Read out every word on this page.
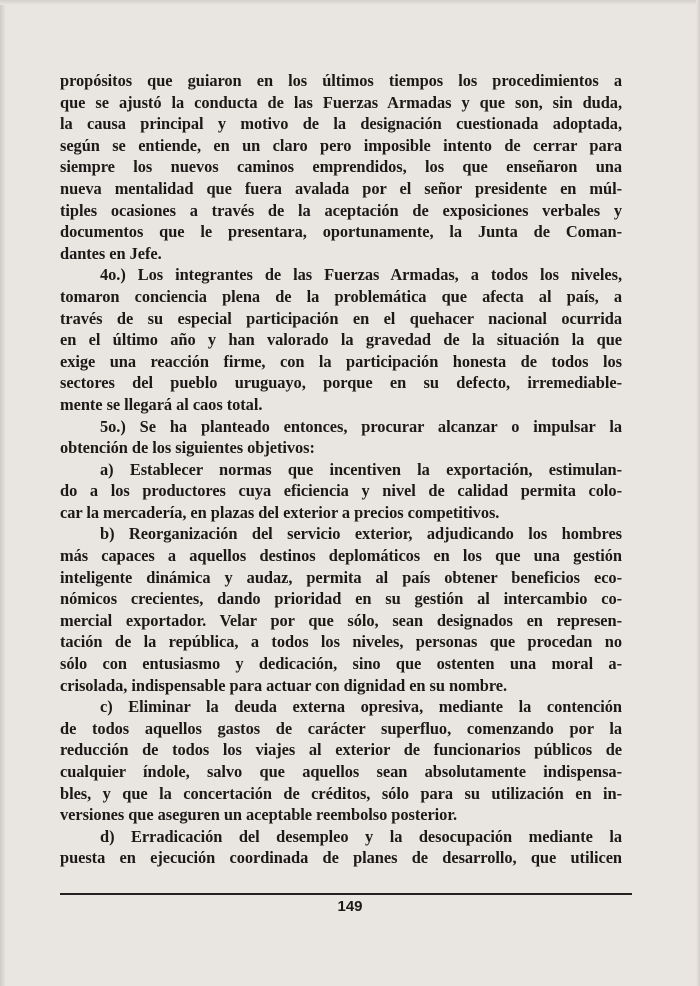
propósitos que guiaron en los últimos tiempos los procedimientos a
que se ajustó la conducta de las Fuerzas Armadas y que son, sin duda,
la causa principal y motivo de la designación cuestionada adoptada,
según se entiende, en un claro pero imposible intento de cerrar para
siempre los nuevos caminos emprendidos, los que enseñaron una
nueva mentalidad que fuera avalada por el señor presidente en múl-
tiples ocasiones a través de la aceptación de exposiciones verbales y
documentos que le presentara, oportunamente, la Junta de Coman-
dantes en Jefe.

4o.) Los integrantes de las Fuerzas Armadas, a todos los niveles,
tomaron conciencia plena de la problemática que afecta al país, a
través de su especial participación en el quehacer nacional ocurrida
en el último año y han valorado la gravedad de la situación la que
exige una reacción firme, con la participación honesta de todos los
sectores del pueblo uruguayo, porque en su defecto, irremediable-
mente se llegará al caos total.

5o.) Se ha planteado entonces, procurar alcanzar o impulsar la
obtención de los siguientes objetivos:

a) Establecer normas que incentiven la exportación, estimulan-
do a los productores cuya eficiencia y nivel de calidad permita colo-
car la mercadería, en plazas del exterior a precios competitivos.

b) Reorganización del servicio exterior, adjudicando los hombres
más capaces a aquellos destinos deplomáticos en los que una gestión
inteligente dinámica y audaz, permita al país obtener beneficios eco-
nómicos crecientes, dando prioridad en su gestión al intercambio co-
mercial exportador. Velar por que sólo, sean designados en represen-
tación de la república, a todos los niveles, personas que procedan no
sólo con entusiasmo y dedicación, sino que ostenten una moral a-
crisolada, indispensable para actuar con dignidad en su nombre.

c) Eliminar la deuda externa opresiva, mediante la contención
de todos aquellos gastos de carácter superfluo, comenzando por la
reducción de todos los viajes al exterior de funcionarios públicos de
cualquier índole, salvo que aquellos sean absolutamente indispensa-
bles, y que la concertación de créditos, sólo para su utilización en in-
versiones que aseguren un aceptable reembolso posterior.

d) Erradicación del desempleo y la desocupación mediante la
puesta en ejecución coordinada de planes de desarrollo, que utilicen

149
